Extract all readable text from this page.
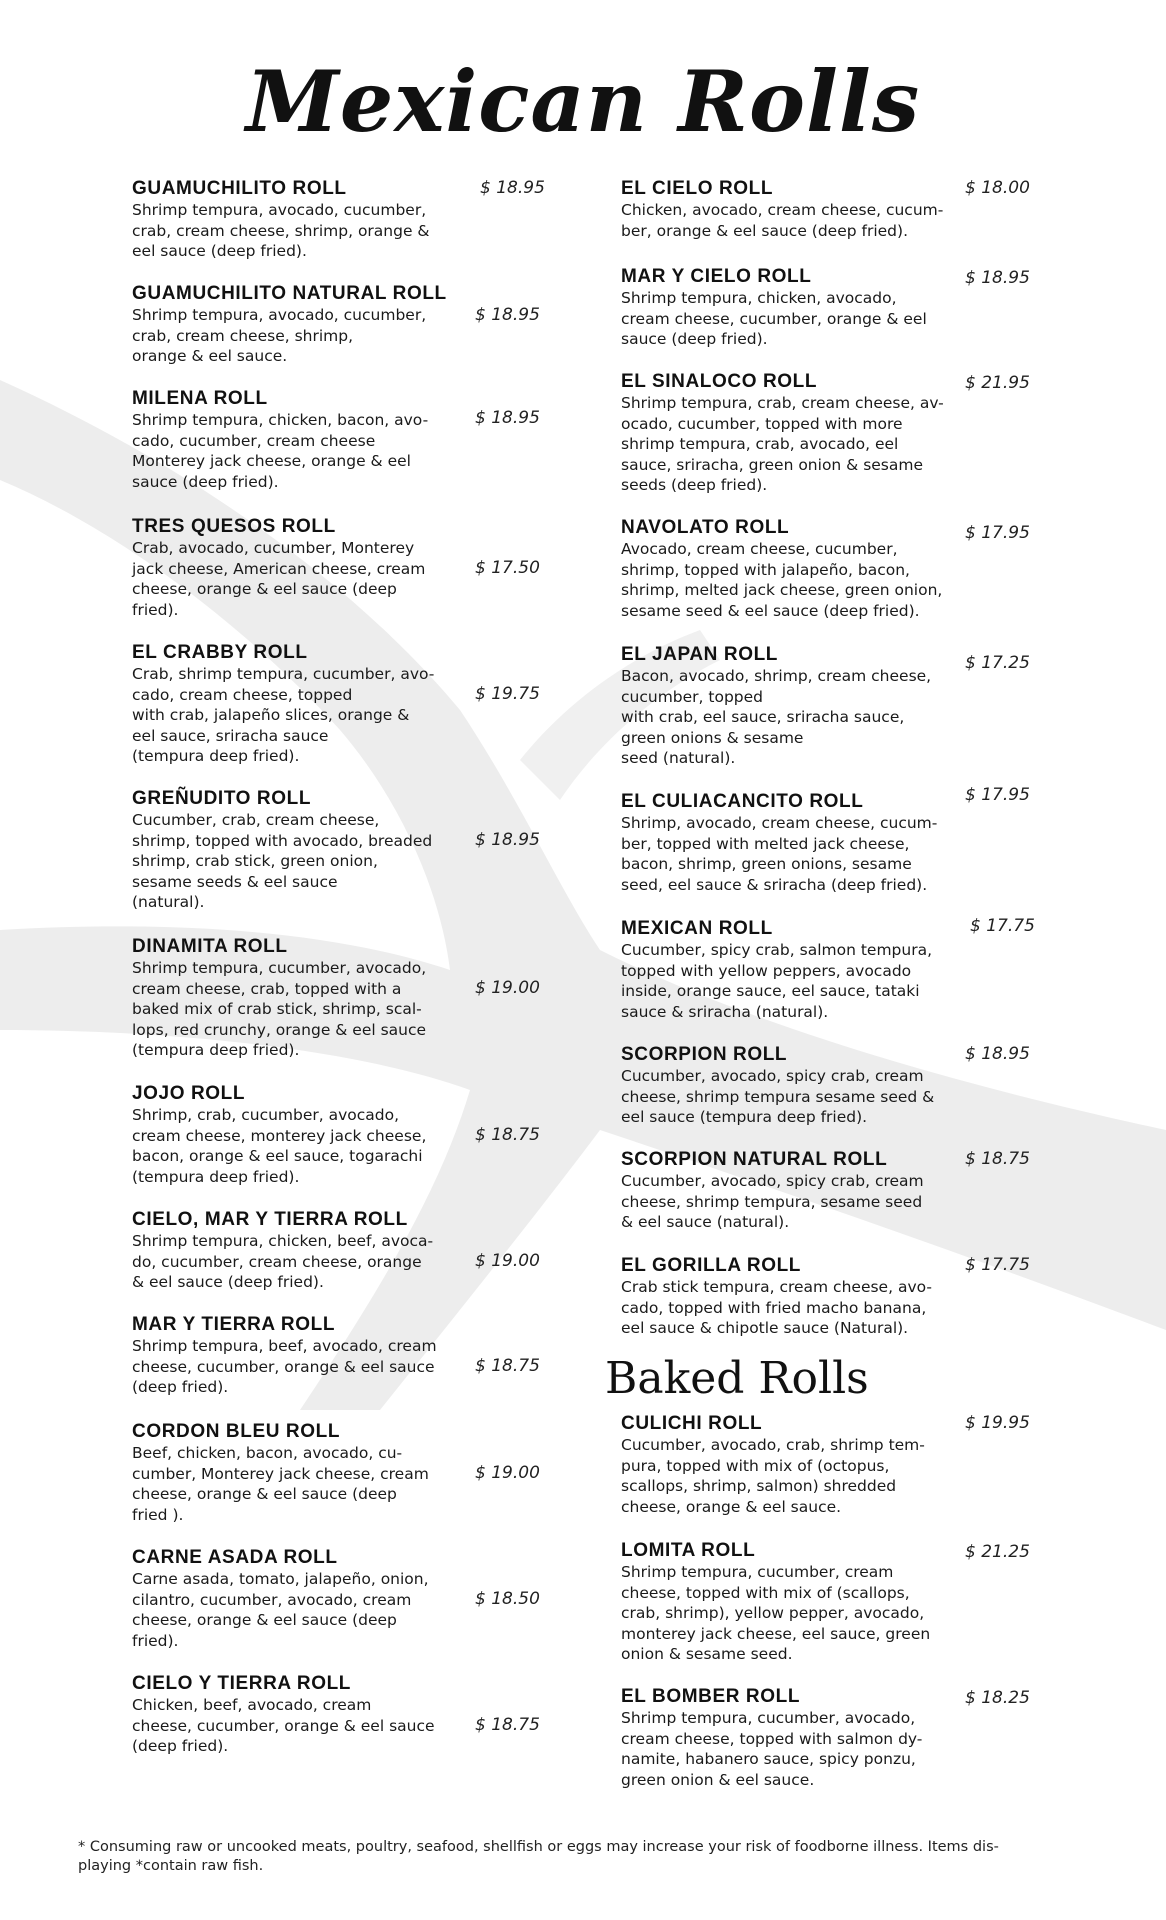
Mexican Rolls
GUAMUCHILITO ROLL
Shrimp tempura, avocado, cucumber,
crab, cream cheese, shrimp, orange &
eel sauce (deep fried).
$ 18.95
GUAMUCHILITO NATURAL ROLL
Shrimp tempura, avocado, cucumber,
crab, cream cheese, shrimp,
orange & eel sauce.
$ 18.95
MILENA ROLL
Shrimp tempura, chicken, bacon, avo-
cado, cucumber, cream cheese
Monterey jack cheese, orange & eel
sauce (deep fried).
$ 18.95
TRES QUESOS ROLL
Crab, avocado, cucumber, Monterey
jack cheese, American cheese, cream
cheese, orange & eel sauce (deep
fried).
$ 17.50
EL CRABBY ROLL
Crab, shrimp tempura, cucumber, avo-
cado, cream cheese, topped
with crab, jalapeño slices, orange &
eel sauce, sriracha sauce
(tempura deep fried).
$ 19.75
GREÑUDITO ROLL
Cucumber, crab, cream cheese,
shrimp, topped with avocado, breaded
shrimp, crab stick, green onion,
sesame seeds & eel sauce
(natural).
$ 18.95
DINAMITA ROLL
Shrimp tempura, cucumber, avocado,
cream cheese, crab, topped with a
baked mix of crab stick, shrimp, scal-
lops, red crunchy, orange & eel sauce
(tempura deep fried).
$ 19.00
JOJO ROLL
Shrimp, crab, cucumber, avocado,
cream cheese, monterey jack cheese,
bacon, orange & eel sauce, togarachi
(tempura deep fried).
$ 18.75
CIELO, MAR Y TIERRA ROLL
Shrimp tempura, chicken, beef, avoca-
do, cucumber, cream cheese, orange
& eel sauce (deep fried).
$ 19.00
MAR Y TIERRA ROLL
Shrimp tempura, beef, avocado, cream
cheese, cucumber, orange & eel sauce
(deep fried).
$ 18.75
CORDON BLEU ROLL
Beef, chicken, bacon, avocado, cu-
cumber, Monterey jack cheese, cream
cheese, orange & eel sauce (deep
fried ).
$ 19.00
CARNE ASADA ROLL
Carne asada, tomato, jalapeño, onion,
cilantro, cucumber, avocado, cream
cheese, orange & eel sauce (deep
fried).
$ 18.50
CIELO Y TIERRA ROLL
Chicken, beef, avocado, cream
cheese, cucumber, orange & eel sauce
(deep fried).
$ 18.75
EL CIELO ROLL
Chicken, avocado, cream cheese, cucum-
ber, orange & eel sauce (deep fried).
$ 18.00
MAR Y CIELO ROLL
Shrimp tempura, chicken, avocado,
cream cheese, cucumber, orange & eel
sauce (deep fried).
$ 18.95
EL SINALOCO ROLL
Shrimp tempura, crab, cream cheese, av-
ocado, cucumber, topped with more
shrimp tempura, crab, avocado, eel
sauce, sriracha, green onion & sesame
seeds (deep fried).
$ 21.95
NAVOLATO ROLL
Avocado, cream cheese, cucumber,
shrimp, topped with jalapeño, bacon,
shrimp, melted jack cheese, green onion,
sesame seed & eel sauce (deep fried).
$ 17.95
EL JAPAN ROLL
Bacon, avocado, shrimp, cream cheese,
cucumber, topped
with crab, eel sauce, sriracha sauce,
green onions & sesame
seed (natural).
$ 17.25
EL CULIACANCITO ROLL
Shrimp, avocado, cream cheese, cucum-
ber, topped with melted jack cheese,
bacon, shrimp, green onions, sesame
seed, eel sauce & sriracha (deep fried).
$ 17.95
MEXICAN ROLL
Cucumber, spicy crab, salmon tempura,
topped with yellow peppers, avocado
inside, orange sauce, eel sauce, tataki
sauce & sriracha (natural).
$ 17.75
SCORPION ROLL
Cucumber, avocado, spicy crab, cream
cheese, shrimp tempura sesame seed &
eel sauce (tempura deep fried).
$ 18.95
SCORPION NATURAL ROLL
Cucumber, avocado, spicy crab, cream
cheese, shrimp tempura, sesame seed
& eel sauce (natural).
$ 18.75
EL GORILLA ROLL
Crab stick tempura, cream cheese, avo-
cado, topped with fried macho banana,
eel sauce & chipotle sauce (Natural).
$ 17.75
Baked Rolls
CULICHI ROLL
Cucumber, avocado, crab, shrimp tem-
pura, topped with mix of (octopus,
scallops, shrimp, salmon) shredded
cheese, orange & eel sauce.
$ 19.95
LOMITA ROLL
Shrimp tempura, cucumber, cream
cheese, topped with mix of (scallops,
crab, shrimp), yellow pepper, avocado,
monterey jack cheese, eel sauce, green
onion & sesame seed.
$ 21.25
EL BOMBER ROLL
Shrimp tempura, cucumber, avocado,
cream cheese, topped with salmon dy-
namite, habanero sauce, spicy ponzu,
green onion & eel sauce.
$ 18.25
* Consuming raw or uncooked meats, poultry, seafood, shellfish or eggs may increase your risk of foodborne illness. Items dis-
playing *contain raw fish.
